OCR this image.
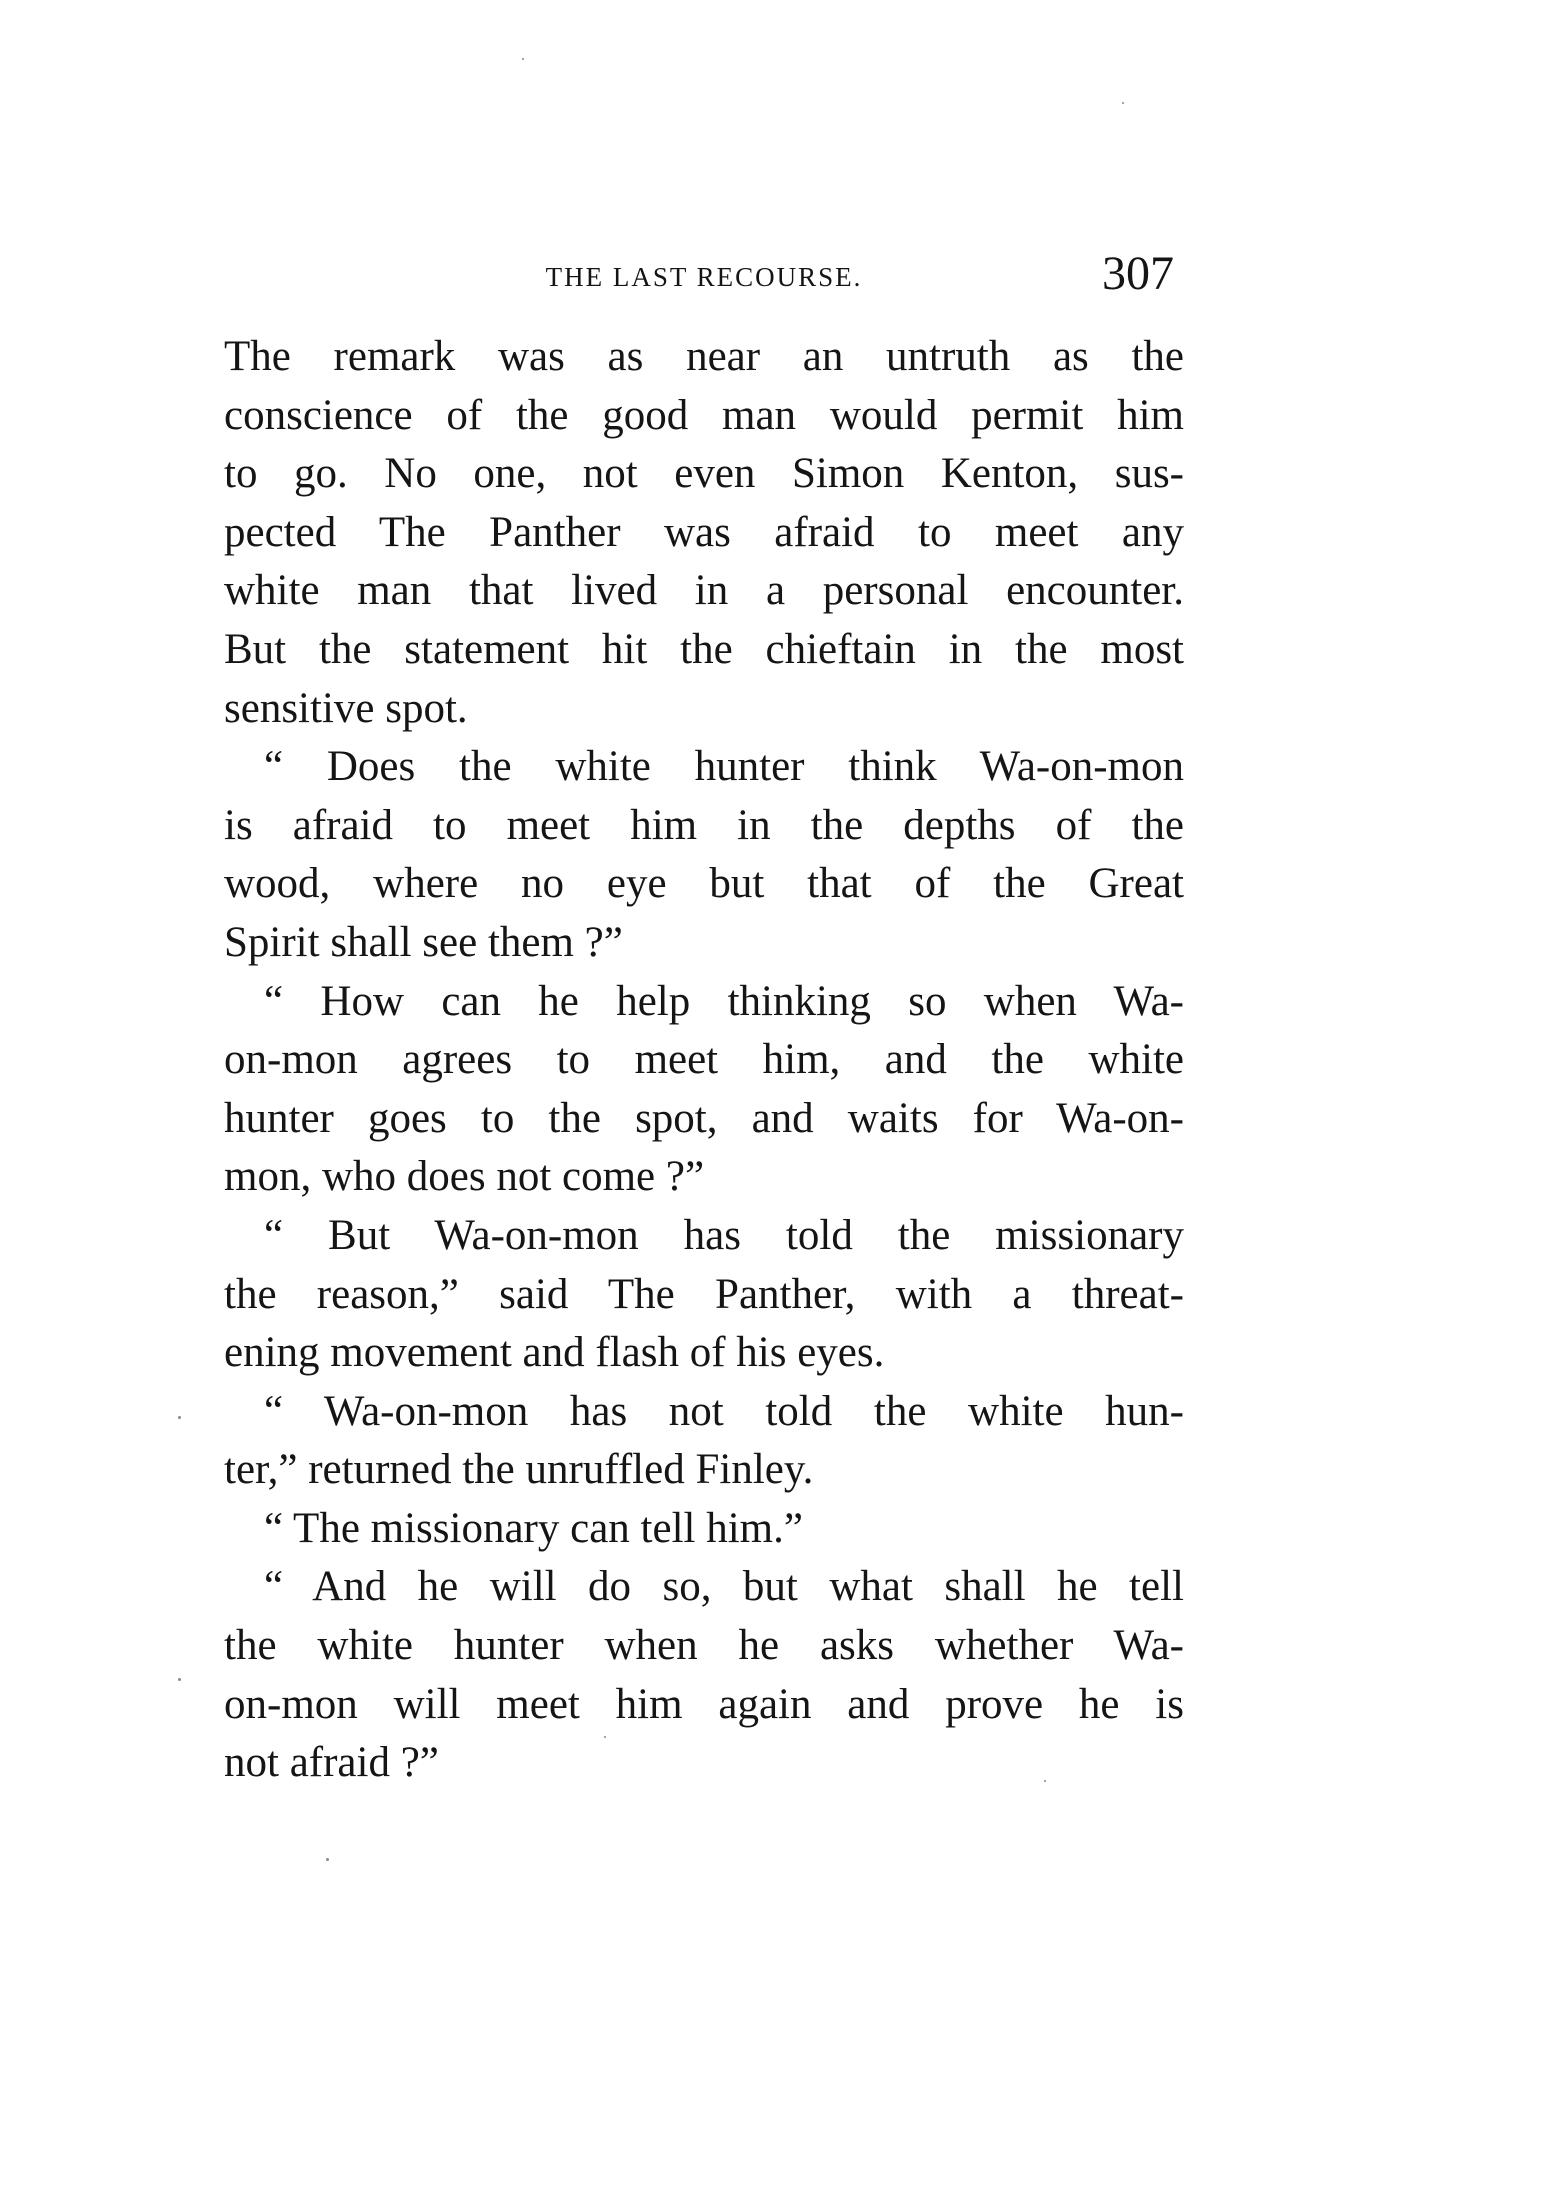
THE LAST RECOURSE.	307
The remark was as near an untruth as the
conscience of the good man would permit him
to go. No one, not even Simon Kenton, sus-
pected The Panther was afraid to meet any
white man that lived in a personal encounter.
But the statement hit the chieftain in the most
sensitive spot.
“ Does the white hunter think Wa-on-mon
is afraid to meet him in the depths of the
wood, where no eye but that of the Great
Spirit shall see them ?”
“ How can he help thinking so when Wa-
on-mon agrees to meet him, and the white
hunter goes to the spot, and waits for Wa-on-
mon, who does not come ?”
“ But Wa-on-mon has told the missionary
the reason,” said The Panther, with a threat-
ening movement and flash of his eyes.
“ Wa-on-mon has not told the white hun-
ter,” returned the unruffled Finley.
“ The missionary can tell him.”
“ And he will do so, but what shall he tell
the white hunter when he asks whether Wa-
on-mon will meet him again and prove he is
not afraid ?”
